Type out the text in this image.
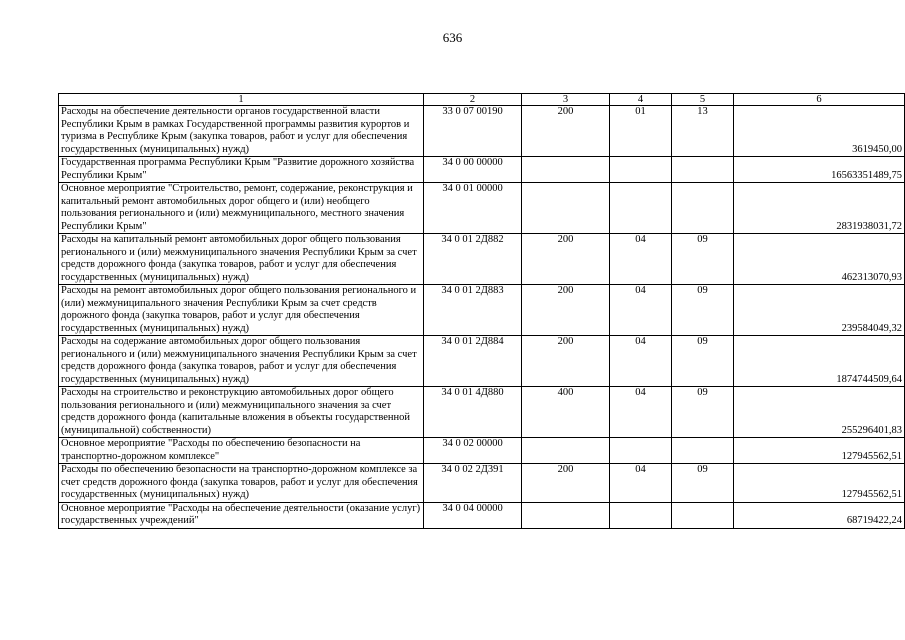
636
1	2	3	4	5	6
Расходы на обеспечение деятельности органов государственной власти Республики Крым в рамках Государственной программы развития курортов и туризма в Республике Крым (закупка товаров, работ и услуг для обеспечения государственных (муниципальных) нужд)	33 0 07 00190	200	01	13	3619450,00
Государственная программа Республики Крым "Развитие дорожного хозяйства Республики Крым"	34 0 00 00000				16563351489,75
Основное мероприятие "Строительство, ремонт, содержание, реконструкция и капитальный ремонт автомобильных дорог общего и (или) необщего пользования регионального и (или) межмуниципального, местного значения Республики Крым"	34 0 01 00000				2831938031,72
Расходы на капитальный ремонт автомобильных дорог общего пользования регионального и (или) межмуниципального значения Республики Крым за счет средств дорожного фонда (закупка товаров, работ и услуг для обеспечения государственных (муниципальных) нужд)	34 0 01 2Д882	200	04	09	462313070,93
Расходы на ремонт автомобильных дорог общего пользования регионального и (или) межмуниципального значения Республики Крым за счет средств дорожного фонда (закупка товаров, работ и услуг для обеспечения государственных (муниципальных) нужд)	34 0 01 2Д883	200	04	09	239584049,32
Расходы на содержание автомобильных дорог общего пользования регионального и (или) межмуниципального значения Республики Крым за счет средств дорожного фонда (закупка товаров, работ и услуг для обеспечения государственных (муниципальных) нужд)	34 0 01 2Д884	200	04	09	1874744509,64
Расходы на строительство и реконструкцию автомобильных дорог общего пользования регионального и (или) межмуниципального значения за счет средств дорожного фонда (капитальные вложения в объекты государственной (муниципальной) собственности)	34 0 01 4Д880	400	04	09	255296401,83
Основное мероприятие "Расходы по обеспечению безопасности на транспортно-дорожном комплексе"	34 0 02 00000				127945562,51
Расходы по обеспечению безопасности на транспортно-дорожном комплексе за счет средств дорожного фонда (закупка товаров, работ и услуг для обеспечения государственных (муниципальных) нужд)	34 0 02 2Д391	200	04	09	127945562,51
Основное мероприятие "Расходы на обеспечение деятельности (оказание услуг) государственных учреждений"	34 0 04 00000				68719422,24
